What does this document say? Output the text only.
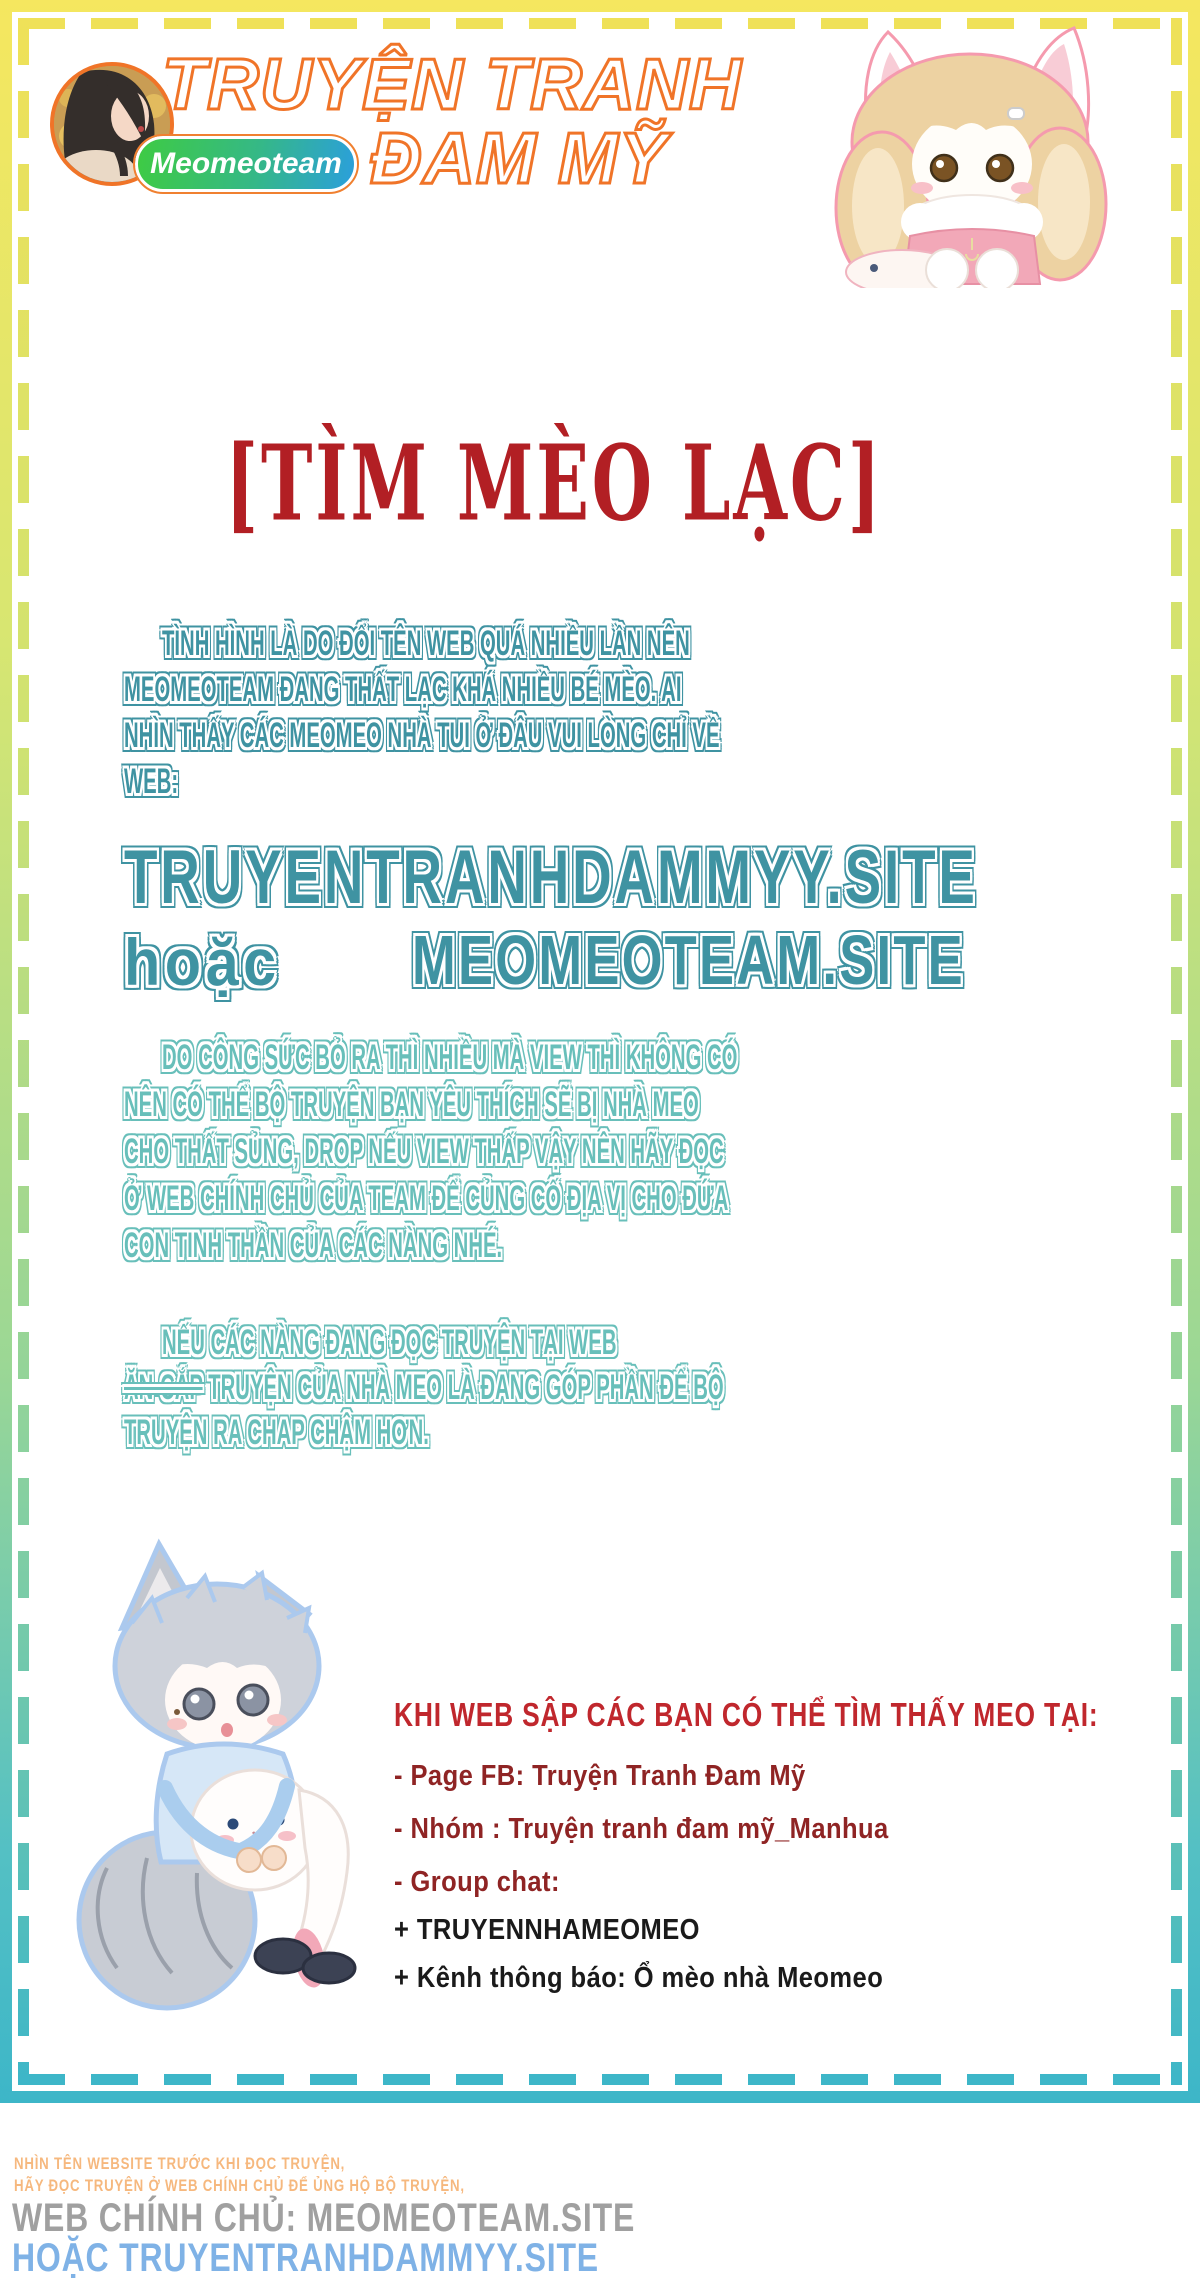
TRUYỆN TRANH
ĐAM MỸ
Meomeoteam
[TÌM MÈO LẠC]
TÌNH HÌNH LÀ DO ĐỔI TÊN WEB QUÁ NHIỀU LẦN NÊN
MEOMEOTEAM ĐANG THẤT LẠC KHÁ NHIỀU BÉ MÈO. AI
NHÌN THẤY CÁC MEOMEO NHÀ TUI Ở ĐÂU VUI LÒNG CHỈ VỀ
WEB:
TRUYENTRANHDAMMYY.SITE
hoặc MEOMEOTEAM.SITE
DO CÔNG SỨC BỎ RA THÌ NHIỀU MÀ VIEW THÌ KHÔNG CÓ
NÊN CÓ THỂ BỘ TRUYỆN BẠN YÊU THÍCH SẼ BỊ NHÀ MEO
CHO THẤT SỦNG, DROP NẾU VIEW THẤP VẬY NÊN HÃY ĐỌC
Ở WEB CHÍNH CHỦ CỦA TEAM ĐỂ CỦNG CỐ ĐỊA VỊ CHO ĐỨA
CON TINH THẦN CỦA CÁC NÀNG NHÉ.
NẾU CÁC NÀNG ĐANG ĐỌC TRUYỆN TẠI WEB
ĂN-CẮP TRUYỆN CỦA NHÀ MEO LÀ ĐANG GÓP PHẦN ĐỂ BỘ
TRUYỆN RA CHAP CHẬM HƠN.
KHI WEB SẬP CÁC BẠN CÓ THỂ TÌM THẤY MEO TẠI:
- Page FB: Truyện Tranh Đam Mỹ
- Nhóm : Truyện tranh đam mỹ_Manhua
- Group chat:
+ TRUYENNHAMEOMEO
+ Kênh thông báo: Ổ mèo nhà Meomeo
NHÌN TÊN WEBSITE TRƯỚC KHI ĐỌC TRUYỆN,
HÃY ĐỌC TRUYỆN Ở WEB CHÍNH CHỦ ĐỂ ỦNG HỘ BỘ TRUYỆN,
WEB CHÍNH CHỦ: MEOMEOTEAM.SITE
HOẶC TRUYENTRANHDAMMYY.SITE
